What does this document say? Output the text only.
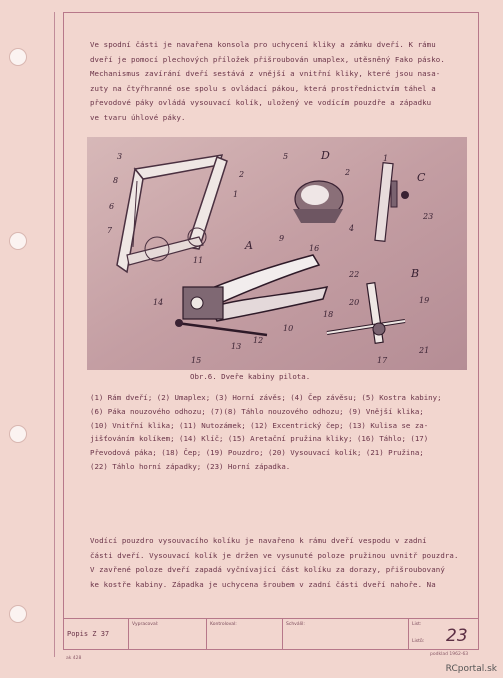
Ve spodní části je navařena konsola pro uchycení kliky a zámku dveří. K rámu
dveří je pomocí plechových příložek přišroubován umaplex, utěsněný Fako pásko.
Mechanismus zavírání dveří sestává z vnější a vnitřní kliky, které jsou nasa-
zuty na čtyřhranné ose spolu s ovládací pákou, která prostřednictvím táhel a
převodové páky ovládá vysouvací kolík, uložený ve vodícím pouzdře a západku
ve tvaru úhlové páky.
A
B
C
D
3
2
1
8
6
7
5
2
4
1
23
9
16
11
14
10
12
13
15
22
20	19
18
21
17
Obr.6. Dveře kabiny pilota.
(1) Rám dveří; (2) Umaplex; (3) Horní závěs; (4) Čep závěsu; (5) Kostra kabiny;
(6) Páka nouzového odhozu; (7)(8) Táhlo nouzového odhozu; (9) Vnější klika;
(10) Vnitřní klika; (11) Nutozámek; (12) Excentrický čep; (13) Kulisa se za-
jišťováním kolíkem; (14) Klíč; (15) Aretační pružina kliky; (16) Táhlo; (17)
Převodová páka; (18) Čep; (19) Pouzdro; (20) Vysouvací kolík; (21) Pružina;
(22) Táhlo horní západky; (23) Horní západka.
Vodící pouzdro vysouvacího kolíku je navařeno k rámu dveří vespodu v zadní
části dveří. Vysouvací kolík je držen ve vysunuté poloze pružinou uvnitř pouzdra.
V zavřené poloze dveří zapadá vyčnívající část kolíku za dorazy, přišroubovaný
ke kostře kabiny. Západka je uchycena šroubem v zadní části dveří nahoře. Na
Popis Z 37
Vypracoval:	Kontroloval:	Schválil:	List:
Listů: 23
ak 428
podklad 1962-63
RCportal.sk
